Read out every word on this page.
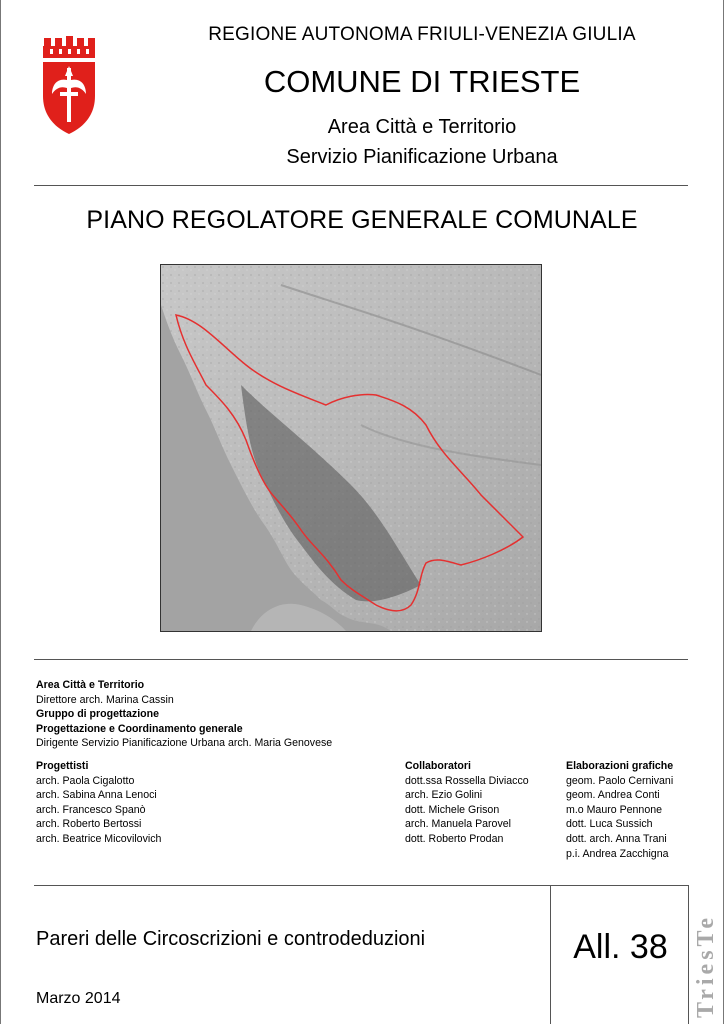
REGIONE AUTONOMA FRIULI-VENEZIA GIULIA
COMUNE DI TRIESTE
Area Città e Territorio
Servizio Pianificazione Urbana
PIANO REGOLATORE GENERALE COMUNALE
Area Città e Territorio
Direttore arch. Marina Cassin
Gruppo di progettazione
Progettazione e Coordinamento generale
Dirigente Servizio Pianificazione Urbana arch. Maria Genovese
Progettisti
arch. Paola Cigalotto
arch. Sabina Anna Lenoci
arch. Francesco Spanò
arch. Roberto Bertossi
arch. Beatrice Micovilovich
Collaboratori
dott.ssa Rossella Diviacco
arch. Ezio Golini
dott. Michele Grison
arch. Manuela Parovel
dott. Roberto Prodan
Elaborazioni grafiche
geom. Paolo Cernivani
geom. Andrea Conti
m.o Mauro Pennone
dott. Luca Sussich
dott. arch. Anna Trani
p.i. Andrea Zacchigna
Pareri delle Circoscrizioni e controdeduzioni
Marzo 2014
All. 38	TriesTe
